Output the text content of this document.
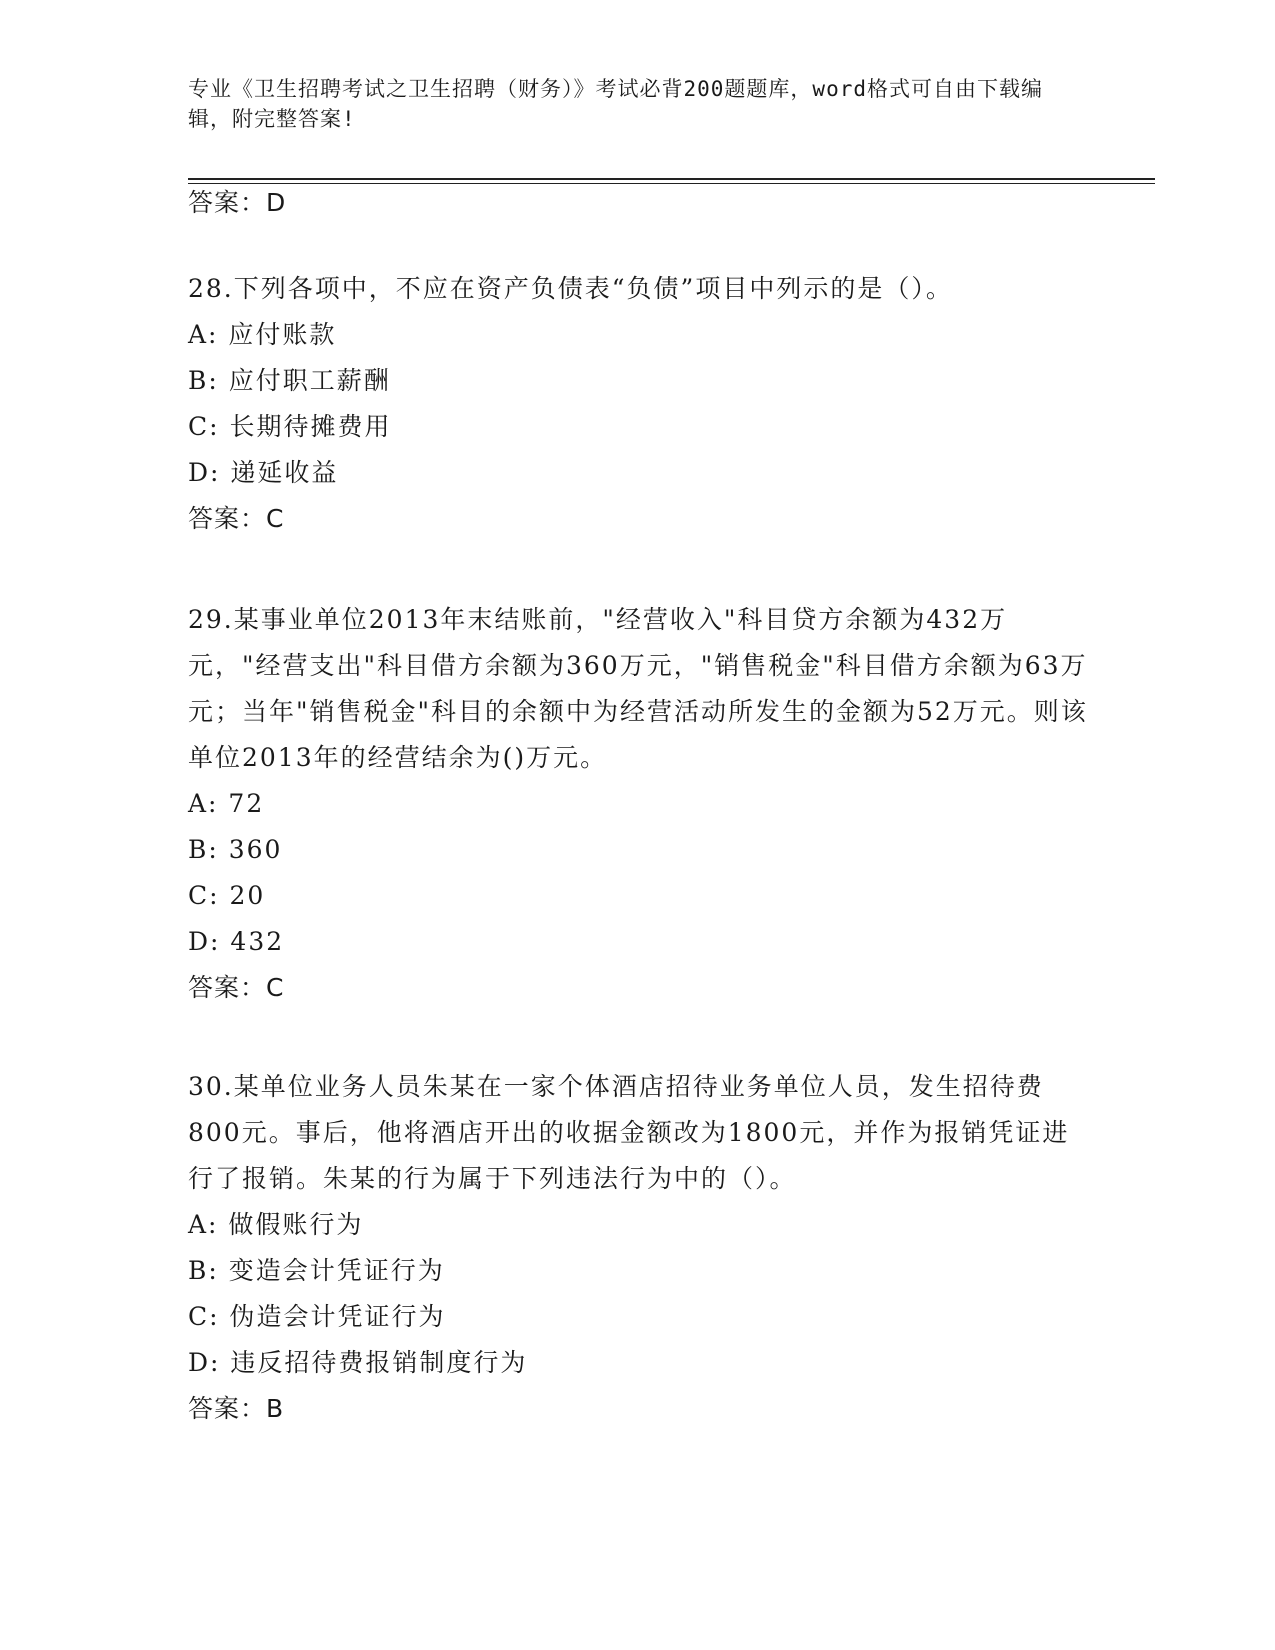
专业《卫生招聘考试之卫生招聘（财务）》考试必背200题题库，word格式可自由下载编辑，附完整答案!
答案：D
28.下列各项中，不应在资产负债表“负债”项目中列示的是（）。
A: 应付账款
B: 应付职工薪酬
C: 长期待摊费用
D: 递延收益
答案：C
29.某事业单位2013年末结账前，"经营收入"科目贷方余额为432万元，"经营支出"科目借方余额为360万元，"销售税金"科目借方余额为63万元；当年"销售税金"科目的余额中为经营活动所发生的金额为52万元。则该单位2013年的经营结余为()万元。
A: 72
B: 360
C: 20
D: 432
答案：C
30.某单位业务人员朱某在一家个体酒店招待业务单位人员，发生招待费800元。事后，他将酒店开出的收据金额改为1800元，并作为报销凭证进行了报销。朱某的行为属于下列违法行为中的（）。
A: 做假账行为
B: 变造会计凭证行为
C: 伪造会计凭证行为
D: 违反招待费报销制度行为
答案：B
